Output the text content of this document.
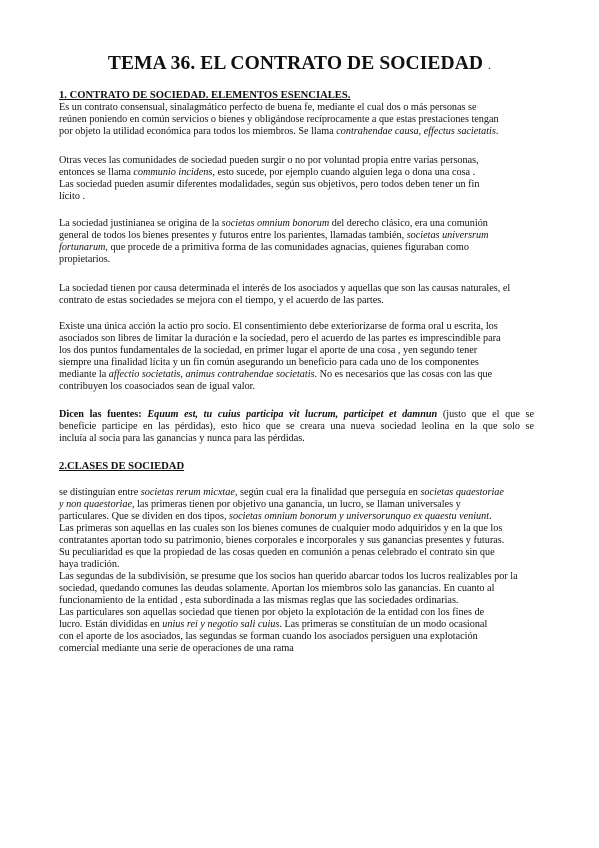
TEMA 36. EL CONTRATO DE SOCIEDAD .
1. CONTRATO DE SOCIEDAD. ELEMENTOS ESENCIALES.
Es un contrato consensual, sinalagmático perfecto de buena fe, mediante el cual dos o más personas se
reúnen poniendo en común servicios o bienes y obligándose recíprocamente a que estas prestaciones tengan
por objeto la utilidad económica para todos los miembros. Se llama contrahendae causa, effectus sacietatis.
Otras veces las comunidades de sociedad pueden surgir o no por voluntad propia entre varias personas,
entonces se llama communio incidens, esto sucede, por ejemplo cuando alguien lega o dona una cosa .
Las sociedad pueden asumir diferentes modalidades, según sus objetivos, pero todos deben tener un fin
lícito .
La sociedad justinianea se origina de la societas omnium bonorum del derecho clásico, era una comunión
general de todos los bienes presentes y futuros entre los parientes, llamadas también, societas universrum
fortunarum, que procede de a primitiva forma de las comunidades agnacias, quienes figuraban como
propietarios.
La sociedad tienen por causa determinada el interés de los asociados y aquellas que son las causas naturales, el
contrato de estas sociedades se mejora con el tiempo, y el acuerdo de las partes.
Existe una única acción la actio pro socio. El consentimiento debe exteriorizarse de forma oral u escrita, los
asociados son libres de limitar la duración e la sociedad, pero el acuerdo de las partes es imprescindible para
los dos puntos fundamentales de la sociedad, en primer lugar el aporte de una cosa , yen segundo tener
siempre una finalidad lícita y un fin común asegurando un beneficio para cada uno de los componentes
mediante la affectio societatis, animus contrahendae societatis. No es necesarios que las cosas con las que
contribuyen los coasociados sean de igual valor.
Dicen las fuentes: Equum est, tu cuius participa vit lucrum, participet et damnun (justo que el que se
beneficie participe en las pérdidas), esto hico que se creara una nueva sociedad leolina en la que solo se
incluía al socia para las ganancias y nunca para las pérdidas.
2.CLASES DE SOCIEDAD
se distinguían entre societas rerum micxtae, según cual era la finalidad que perseguía en societas quaestoriae
y non quaestoriae, las primeras tienen por objetivo una ganancia, un lucro, se llaman universales y
particulares. Que se dividen en dos tipos, societas omnium bonorum y universorunquo ex quaestu veniunt.
Las primeras son aquellas en las cuales son los bienes comunes de cualquier modo adquiridos y en la que los
contratantes aportan todo su patrimonio, bienes corporales e incorporales y sus ganancias presentes y futuras.
Su peculiaridad es que la propiedad de las cosas queden en comunión a penas celebrado el contrato sin que
haya tradición.
Las segundas de la subdivisión, se presume que los socios han querido abarcar todos los lucros realizables por la
sociedad, quedando comunes las deudas solamente. Aportan los miembros solo las ganancias. En cuanto al
funcionamiento de la entidad , esta subordinada a las mismas reglas que las sociedades ordinarias.
Las particulares son aquellas sociedad que tienen por objeto la explotación de la entidad con los fines de
lucro. Están divididas en unius rei y negotio sali cuius. Las primeras se constituían de un modo ocasional
con el aporte de los asociados, las segundas se forman cuando los asociados persiguen una explotación
comercial mediante una serie de operaciones de una rama
